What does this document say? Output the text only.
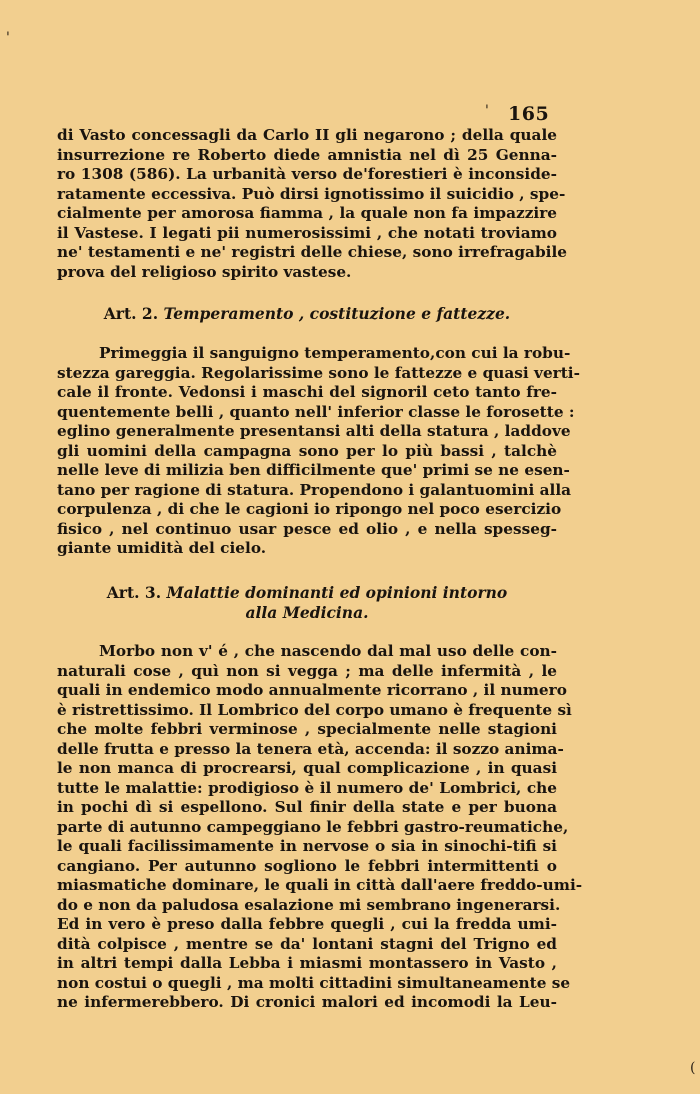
165
di Vasto concessagli da Carlo II gli negarono ; della quale
insurrezione re Roberto diede amnistia nel dì 25 Genna-
ro 1308 (586). La urbanità verso de'forestieri è inconside-
ratamente eccessiva. Può dirsi ignotissimo il suicidio , spe-
cialmente per amorosa fiamma , la quale non fa impazzire
il Vastese. I legati pii numerosissimi , che notati troviamo
ne' testamenti e ne' registri delle chiese, sono irrefragabile
prova del religioso spirito vastese.
Art. 2. Temperamento , costituzione e fattezze.
Primeggia il sanguigno temperamento,con cui la robu-
stezza gareggia. Regolarissime sono le fattezze e quasi verti-
cale il fronte. Vedonsi i maschi del signoril ceto tanto fre-
quentemente belli , quanto nell' inferior classe le forosette :
eglino generalmente presentansi alti della statura , laddove
gli uomini della campagna sono per lo più bassi , talchè
nelle leve di milizia ben difficilmente que' primi se ne esen-
tano per ragione di statura. Propendono i galantuomini alla
corpulenza , di che le cagioni io ripongo nel poco esercizio
fisico , nel continuo usar pesce ed olio , e nella spesseg-
giante umidità del cielo.
Art. 3. Malattie dominanti ed opinioni intorno
alla Medicina.
Morbo non v' é , che nascendo dal mal uso delle con-
naturali cose , quì non si vegga ; ma delle infermità , le
quali in endemico modo annualmente ricorrano , il numero
è ristrettissimo. Il Lombrico del corpo umano è frequente sì
che molte febbri verminose , specialmente nelle stagioni
delle frutta e presso la tenera età, accenda: il sozzo anima-
le non manca di procrearsi, qual complicazione , in quasi
tutte le malattie: prodigioso è il numero de' Lombrici, che
in pochi dì si espellono. Sul finir della state e per buona
parte di autunno campeggiano le febbri gastro-reumatiche,
le quali facilissimamente in nervose o sia in sinochi-tifi si
cangiano. Per autunno sogliono le febbri intermittenti o
miasmatiche dominare, le quali in città dall'aere freddo-umi-
do e non da paludosa esalazione mi sembrano ingenerarsi.
Ed in vero è preso dalla febbre quegli , cui la fredda umi-
dità colpisce , mentre se da' lontani stagni del Trigno ed
in altri tempi dalla Lebba i miasmi montassero in Vasto ,
non costui o quegli , ma molti cittadini simultaneamente se
ne infermerebbero. Di cronici malori ed incomodi la Leu-
'
'
(
